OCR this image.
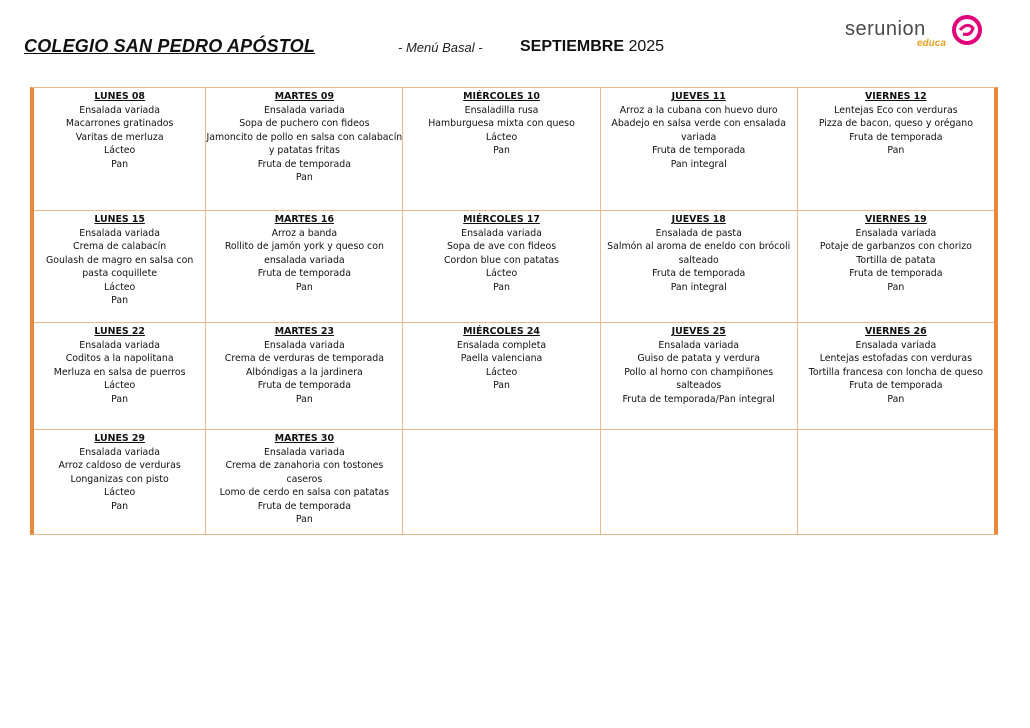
COLEGIO SAN PEDRO APÓSTOL	- Menú Basal - SEPTIEMBRE 2025
serunion
educa
LUNES 08
Ensalada variada
Macarrones gratinados
Varitas de merluza
Lácteo
Pan
MARTES 09
Ensalada variada
Sopa de puchero con fideos
Jamoncito de pollo en salsa con calabacín y patatas fritas
Fruta de temporada
Pan
MIÉRCOLES 10
Ensaladilla rusa
Hamburguesa mixta con queso
Lácteo
Pan
JUEVES 11
Arroz a la cubana con huevo duro
Abadejo en salsa verde con ensalada variada
Fruta de temporada
Pan integral
VIERNES 12
Lentejas Eco con verduras
Pizza de bacon, queso y orégano
Fruta de temporada
Pan
LUNES 15
Ensalada variada
Crema de calabacín
Goulash de magro en salsa con pasta coquillete
Lácteo
Pan
MARTES 16
Arroz a banda
Rollito de jamón york y queso con ensalada variada
Fruta de temporada
Pan
MIÉRCOLES 17
Ensalada variada
Sopa de ave con fideos
Cordon blue con patatas
Lácteo
Pan
JUEVES 18
Ensalada de pasta
Salmón al aroma de eneldo con brócoli salteado
Fruta de temporada
Pan integral
VIERNES 19
Ensalada variada
Potaje de garbanzos con chorizo
Tortilla de patata
Fruta de temporada
Pan
LUNES 22
Ensalada variada
Coditos a la napolitana
Merluza en salsa de puerros
Lácteo
Pan
MARTES 23
Ensalada variada
Crema de verduras de temporada
Albóndigas a la jardinera
Fruta de temporada
Pan
MIÉRCOLES 24
Ensalada completa
Paella valenciana
Lácteo
Pan
JUEVES 25
Ensalada variada
Guiso de patata y verdura
Pollo al horno con champiñones salteados
Fruta de temporada/Pan integral
VIERNES 26
Ensalada variada
Lentejas estofadas con verduras
Tortilla francesa con loncha de queso
Fruta de temporada
Pan
LUNES 29
Ensalada variada
Arroz caldoso de verduras
Longanizas con pisto
Lácteo
Pan
MARTES 30
Ensalada variada
Crema de zanahoria con tostones caseros
Lomo de cerdo en salsa con patatas
Fruta de temporada
Pan
